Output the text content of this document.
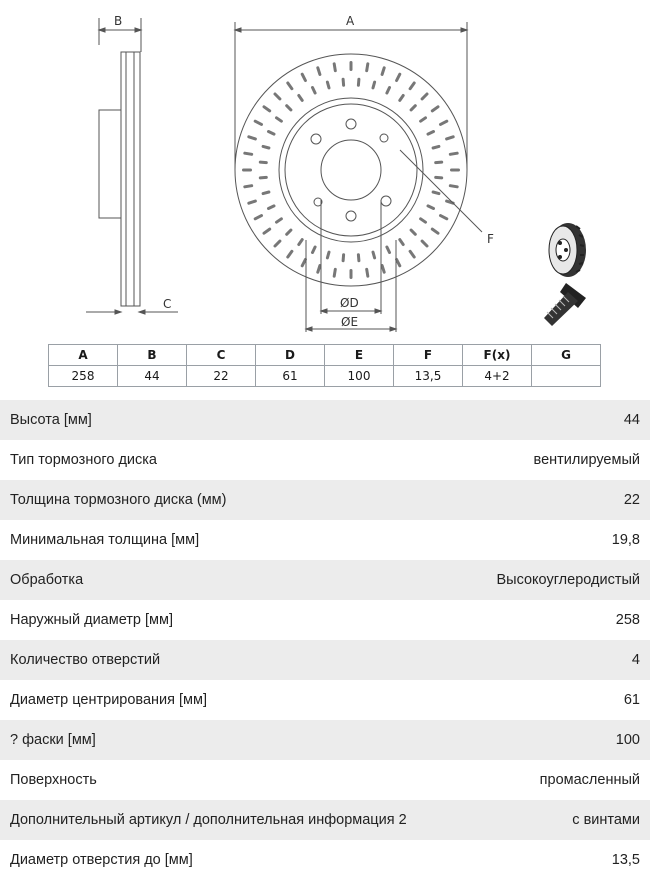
B
C
A
F
ØD
ØE
A	B	C	D	E	F	F(x)	G
258	44	22	61	100	13,5	4+2	
Высота [мм]	44
Тип тормозного диска	вентилируемый
Толщина тормозного диска (мм)	22
Минимальная толщина [мм]	19,8
Обработка	Высокоуглеродистый
Наружный диаметр [мм]	258
Количество отверстий	4
Диаметр центрирования [мм]	61
? фаски [мм]	100
Поверхность	промасленный
Дополнительный артикул / дополнительная информация 2	с винтами
Диаметр отверстия до [мм]	13,5
